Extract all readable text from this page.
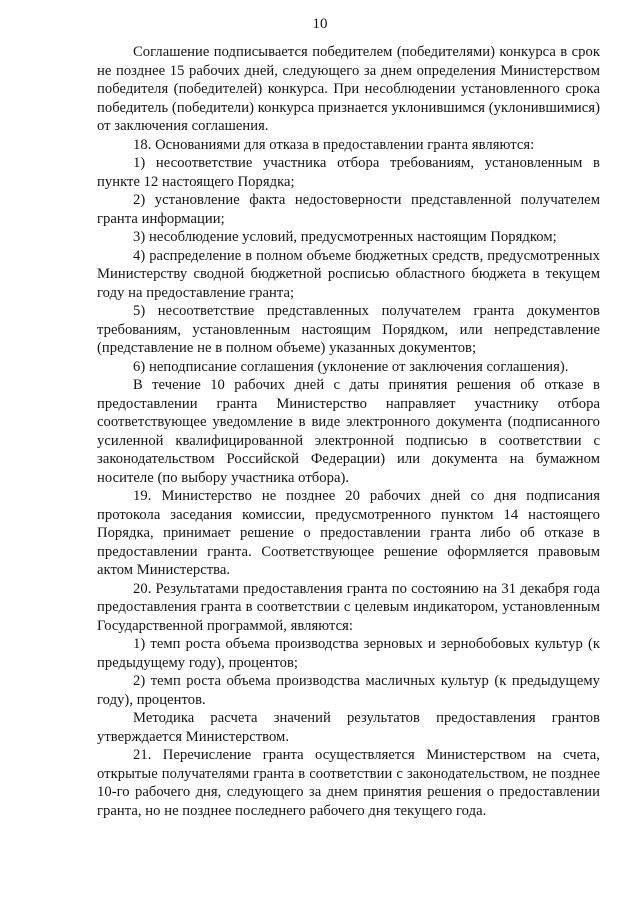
10

Соглашение подписывается победителем (победителями) конкурса в срок не позднее 15 рабочих дней, следующего за днем определения Министерством победителя (победителей) конкурса. При несоблюдении установленного срока победитель (победители) конкурса признается уклонившимся (уклонившимися) от заключения соглашения.

18. Основаниями для отказа в предоставлении гранта являются:

1) несоответствие участника отбора требованиям, установленным в пункте 12 настоящего Порядка;

2) установление факта недостоверности представленной получателем гранта информации;

3) несоблюдение условий, предусмотренных настоящим Порядком;

4) распределение в полном объеме бюджетных средств, предусмотренных Министерству сводной бюджетной росписью областного бюджета в текущем году на предоставление гранта;

5) несоответствие представленных получателем гранта документов требованиям, установленным настоящим Порядком, или непредставление (представление не в полном объеме) указанных документов;

6) неподписание соглашения (уклонение от заключения соглашения).

В течение 10 рабочих дней с даты принятия решения об отказе в предоставлении гранта Министерство направляет участнику отбора соответствующее уведомление в виде электронного документа (подписанного усиленной квалифицированной электронной подписью в соответствии с законодательством Российской Федерации) или документа на бумажном носителе (по выбору участника отбора).

19. Министерство не позднее 20 рабочих дней со дня подписания протокола заседания комиссии, предусмотренного пунктом 14 настоящего Порядка, принимает решение о предоставлении гранта либо об отказе в предоставлении гранта. Соответствующее решение оформляется правовым актом Министерства.

20. Результатами предоставления гранта по состоянию на 31 декабря года предоставления гранта в соответствии с целевым индикатором, установленным Государственной программой, являются:

1) темп роста объема производства зерновых и зернобобовых культур (к предыдущему году), процентов;

2) темп роста объема производства масличных культур (к предыдущему году), процентов.

Методика расчета значений результатов предоставления грантов утверждается Министерством.

21. Перечисление гранта осуществляется Министерством на счета, открытые получателями гранта в соответствии с законодательством, не позднее 10-го рабочего дня, следующего за днем принятия решения о предоставлении гранта, но не позднее последнего рабочего дня текущего года.
